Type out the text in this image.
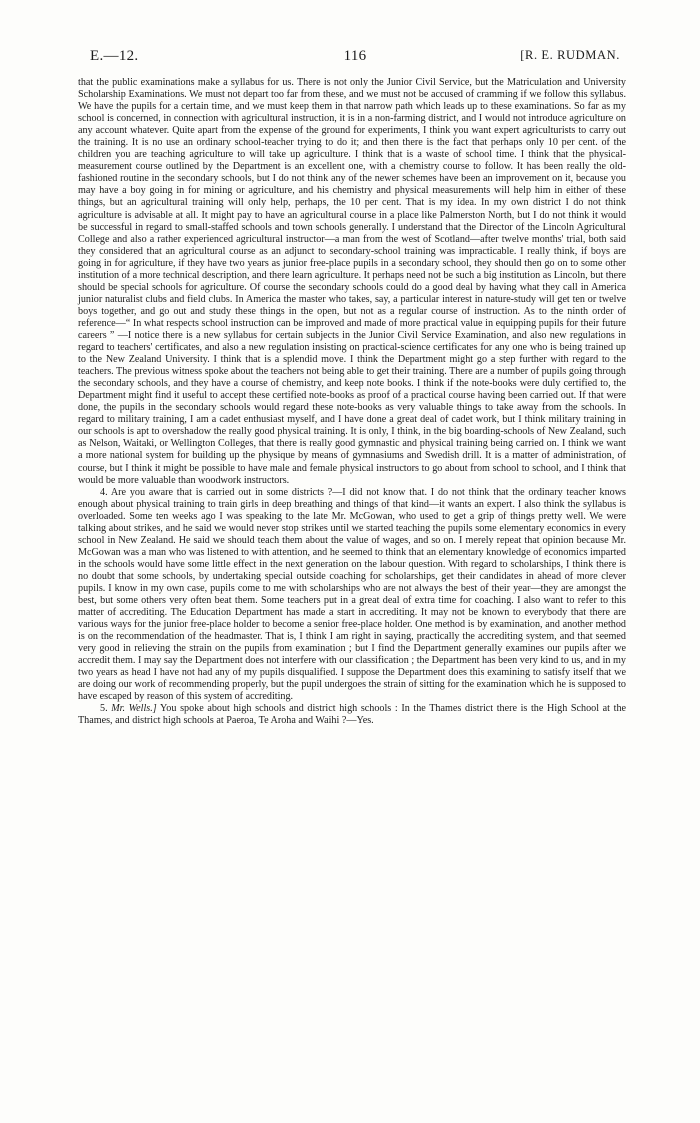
E.—12.	116	[R. E. RUDMAN.

that the public examinations make a syllabus for us. There is not only the Junior Civil Service, but the Matriculation and University Scholarship Examinations. We must not depart too far from these, and we must not be accused of cramming if we follow this syllabus. We have the pupils for a certain time, and we must keep them in that narrow path which leads up to these examinations. So far as my school is concerned, in connection with agricultural instruction, it is in a non-farming district, and I would not introduce agriculture on any account whatever. Quite apart from the expense of the ground for experiments, I think you want expert agriculturists to carry out the training. It is no use an ordinary school-teacher trying to do it; and then there is the fact that perhaps only 10 per cent. of the children you are teaching agriculture to will take up agriculture. I think that is a waste of school time. I think that the physical-measurement course outlined by the Department is an excellent one, with a chemistry course to follow. It has been really the old-fashioned routine in the secondary schools, but I do not think any of the newer schemes have been an improvement on it, because you may have a boy going in for mining or agriculture, and his chemistry and physical measurements will help him in either of these things, but an agricultural training will only help, perhaps, the 10 per cent. That is my idea. In my own district I do not think agriculture is advisable at all. It might pay to have an agricultural course in a place like Palmerston North, but I do not think it would be successful in regard to small-staffed schools and town schools generally. I understand that the Director of the Lincoln Agricultural College and also a rather experienced agricultural instructor—a man from the west of Scotland—after twelve months' trial, both said they considered that an agricultural course as an adjunct to secondary-school training was impracticable. I really think, if boys are going in for agriculture, if they have two years as junior free-place pupils in a secondary school, they should then go on to some other institution of a more technical description, and there learn agriculture. It perhaps need not be such a big institution as Lincoln, but there should be special schools for agriculture. Of course the secondary schools could do a good deal by having what they call in America junior naturalist clubs and field clubs. In America the master who takes, say, a particular interest in nature-study will get ten or twelve boys together, and go out and study these things in the open, but not as a regular course of instruction. As to the ninth order of reference—“ In what respects school instruction can be improved and made of more practical value in equipping pupils for their future careers ” —I notice there is a new syllabus for certain subjects in the Junior Civil Service Examination, and also new regulations in regard to teachers' certificates, and also a new regulation insisting on practical-science certificates for any one who is being trained up to the New Zealand University. I think that is a splendid move. I think the Department might go a step further with regard to the teachers. The previous witness spoke about the teachers not being able to get their training. There are a number of pupils going through the secondary schools, and they have a course of chemistry, and keep note books. I think if the note-books were duly certified to, the Department might find it useful to accept these certified note-books as proof of a practical course having been carried out. If that were done, the pupils in the secondary schools would regard these note-books as very valuable things to take away from the schools. In regard to military training, I am a cadet enthusiast myself, and I have done a great deal of cadet work, but I think military training in our schools is apt to overshadow the really good physical training. It is only, I think, in the big boarding-schools of New Zealand, such as Nelson, Waitaki, or Wellington Colleges, that there is really good gymnastic and physical training being carried on. I think we want a more national system for building up the physique by means of gymnasiums and Swedish drill. It is a matter of administration, of course, but I think it might be possible to have male and female physical instructors to go about from school to school, and I think that would be more valuable than woodwork instructors.

4. Are you aware that is carried out in some districts ?—I did not know that. I do not think that the ordinary teacher knows enough about physical training to train girls in deep breathing and things of that kind—it wants an expert. I also think the syllabus is overloaded. Some ten weeks ago I was speaking to the late Mr. McGowan, who used to get a grip of things pretty well. We were talking about strikes, and he said we would never stop strikes until we started teaching the pupils some elementary economics in every school in New Zealand. He said we should teach them about the value of wages, and so on. I merely repeat that opinion because Mr. McGowan was a man who was listened to with attention, and he seemed to think that an elementary knowledge of economics imparted in the schools would have some little effect in the next generation on the labour question. With regard to scholarships, I think there is no doubt that some schools, by undertaking special outside coaching for scholarships, get their candidates in ahead of more clever pupils. I know in my own case, pupils come to me with scholarships who are not always the best of their year—they are amongst the best, but some others very often beat them. Some teachers put in a great deal of extra time for coaching. I also want to refer to this matter of accrediting. The Education Department has made a start in accrediting. It may not be known to everybody that there are various ways for the junior free-place holder to become a senior free-place holder. One method is by examination, and another method is on the recommendation of the headmaster. That is, I think I am right in saying, practically the accrediting system, and that seemed very good in relieving the strain on the pupils from examination ; but I find the Department generally examines our pupils after we accredit them. I may say the Department does not interfere with our classification ; the Department has been very kind to us, and in my two years as head I have not had any of my pupils disqualified. I suppose the Department does this examining to satisfy itself that we are doing our work of recommending properly, but the pupil undergoes the strain of sitting for the examination which he is supposed to have escaped by reason of this system of accrediting.

5. Mr. Wells.] You spoke about high schools and district high schools : In the Thames district there is the High School at the Thames, and district high schools at Paeroa, Te Aroha and Waihi ?—Yes.
